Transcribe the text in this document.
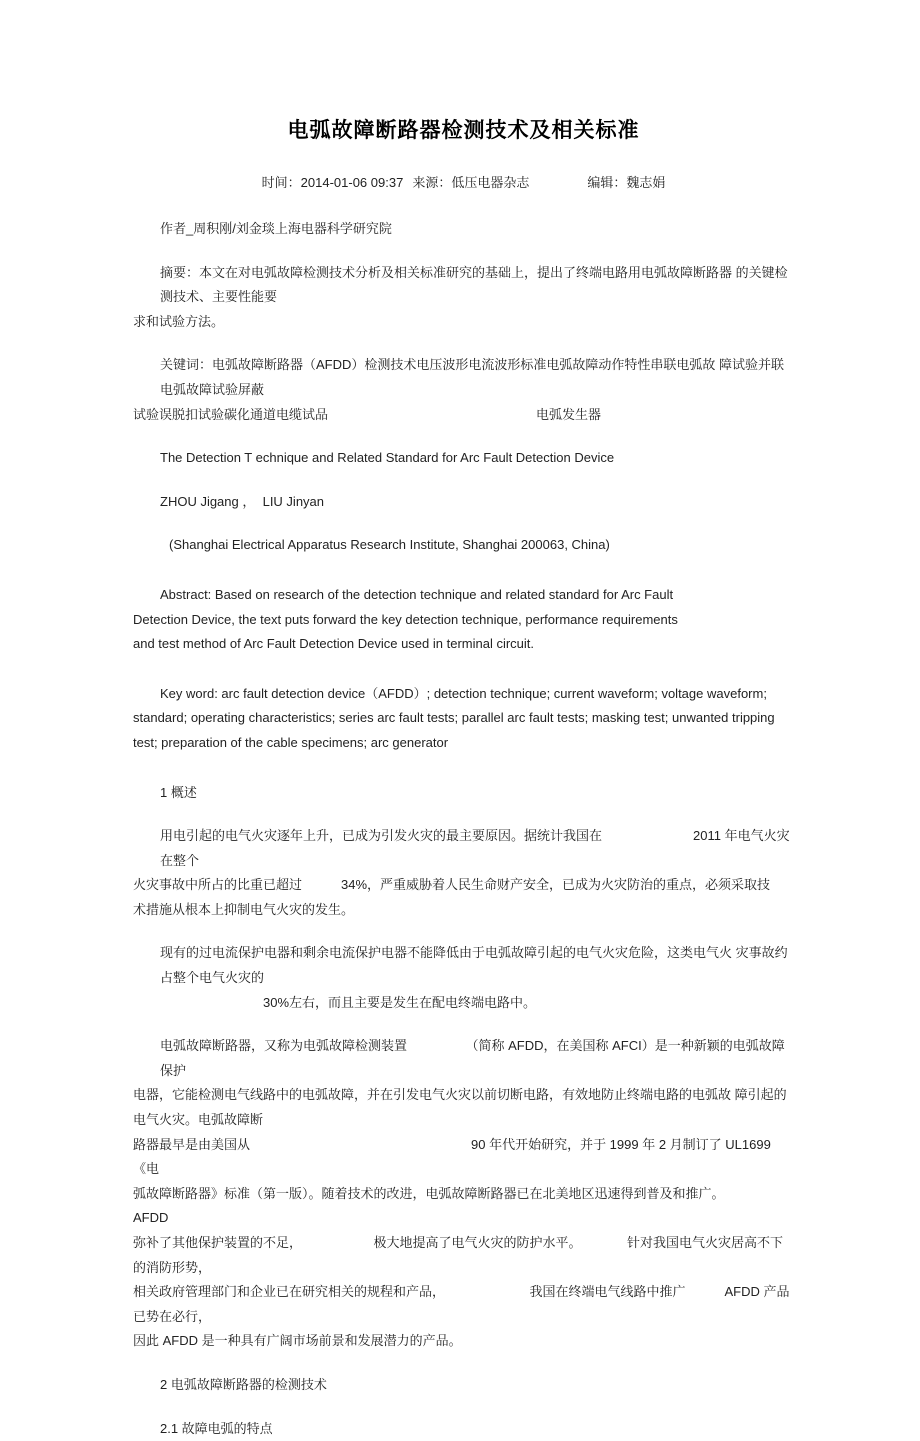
电弧故障断路器检测技术及相关标准
时间：2014-01-06 09:37 来源：低压电器杂志	编辑：魏志娟
作者_周积刚/刘金琰上海电器科学研究院
摘要：本文在对电弧故障检测技术分析及相关标准研究的基础上，提出了终端电路用电弧故障断路器 的关键检测技术、主要性能要
求和试验方法。
关键词：电弧故障断路器（AFDD）检测技术电压波形电流波形标准电弧故障动作特性串联电弧故 障试验并联电弧故障试验屏蔽
试验误脱扣试验碳化通道电缆试品　　　　　　　　　　　　　　　　电弧发生器
The Detection T echnique and Related Standard for Arc Fault Detection Device
ZHOU Jigang ，  LIU Jinyan
(Shanghai Electrical Apparatus Research Institute, Shanghai 200063, China)
Abstract: Based on research of the detection technique and related standard for Arc Fault
Detection Device, the text puts forward the key detection technique, performance requirements
and test method of Arc Fault Detection Device used in terminal circuit.
Key word: arc fault detection device（AFDD）; detection technique; current waveform; voltage waveform;
standard; operating characteristics; series arc fault tests; parallel arc fault tests; masking test; unwanted tripping
test; preparation of the cable specimens; arc generator
1 概述
用电引起的电气火灾逐年上升，已成为引发火灾的最主要原因。据统计我国在　　　　　　　2011 年电气火灾在整个
火灾事故中所占的比重已超过　　　34%，严重威胁着人民生命财产安全，已成为火灾防治的重点，必须采取技
术措施从根本上抑制电气火灾的发生。
现有的过电流保护电器和剩余电流保护电器不能降低由于电弧故障引起的电气火灾危险，这类电气火 灾事故约占整个电气火灾的
30%左右，而且主要是发生在配电终端电路中。
电弧故障断路器，又称为电弧故障检测装置　　　　　（简称 AFDD，在美国称 AFCI）是一种新颖的电弧故障保护
电器，它能检测电气线路中的电弧故障，并在引发电气火灾以前切断电路，有效地防止终端电路的电弧故 障引起的电气火灾。电弧故障断
路器最早是由美国从　　　　　　　　　　　　　　　　　90 年代开始研究，并于 1999 年 2 月制订了 UL1699 《电
弧故障断路器》标准（第一版）。随着技术的改进，电弧故障断路器已在北美地区迅速得到普及和推广。　　　　　　　AFDD
弥补了其他保护装置的不足，　　　　　　极大地提高了电气火灾的防护水平。　　　　针对我国电气火灾居高不下的消防形势，
相关政府管理部门和企业已在研究相关的规程和产品，　　　　　　　我国在终端电气线路中推广　　　AFDD 产品已势在必行，
因此 AFDD 是一种具有广阔市场前景和发展潜力的产品。
2 电弧故障断路器的检测技术
2.1 故障电弧的特点
